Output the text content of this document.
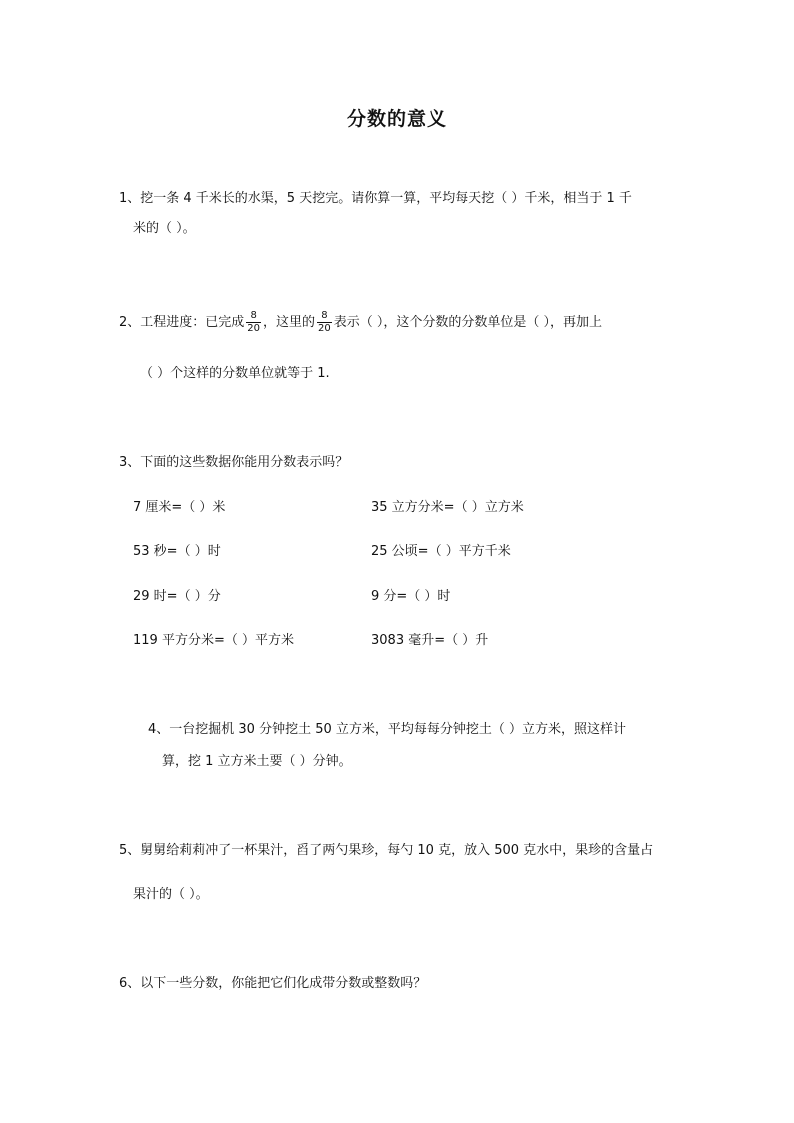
分数的意义
1、挖一条 4 千米长的水渠，5 天挖完。请你算一算，平均每天挖（ ）千米，相当于 1 千
米的（ ）。
2、工程进度：已完成 $\frac{8}{20}$ ，这里的 $\frac{8}{20}$ 表示（ ），这个分数的分数单位是（ ），再加上
（ ）个这样的分数单位就等于 1.
3、下面的这些数据你能用分数表示吗？
7 厘米=（ ）米	35 立方分米=（ ）立方米
53 秒=（ ）时	25 公顷=（ ）平方千米
29 时=（ ）分	9 分=（ ）时
119 平方分米=（ ）平方米	3083 毫升=（ ）升
4、一台挖掘机 30 分钟挖土 50 立方米，平均每每分钟挖土（ ）立方米，照这样计
算，挖 1 立方米土要（ ）分钟。
5、舅舅给莉莉冲了一杯果汁，舀了两勺果珍，每勺 10 克，放入 500 克水中，果珍的含量占
果汁的（ ）。
6、以下一些分数，你能把它们化成带分数或整数吗？
